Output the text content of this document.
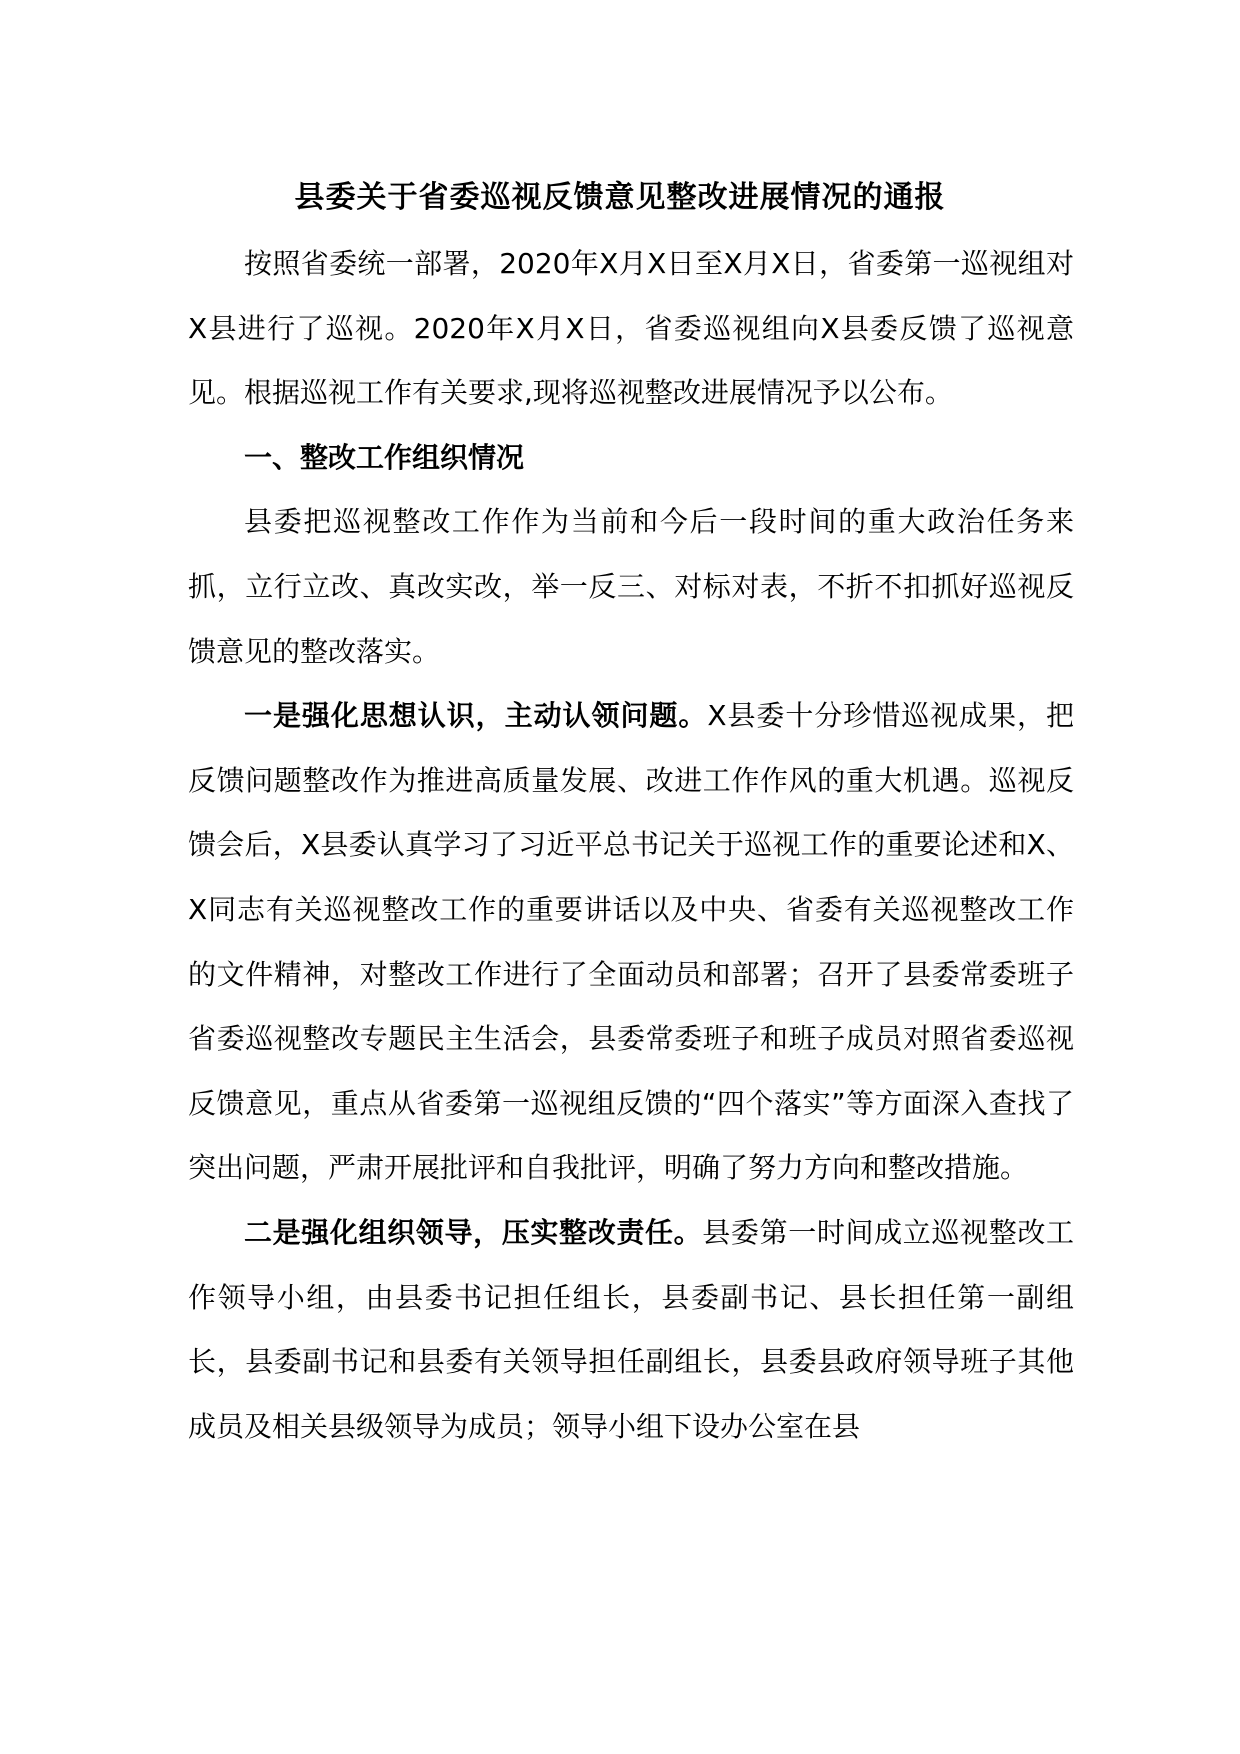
县委关于省委巡视反馈意见整改进展情况的通报

按照省委统一部署，2020年X月X日至X月X日，省委第一巡视组对X县进行了巡视。2020年X月X日，省委巡视组向X县委反馈了巡视意见。根据巡视工作有关要求,现将巡视整改进展情况予以公布。

一、整改工作组织情况

县委把巡视整改工作作为当前和今后一段时间的重大政治任务来抓，立行立改、真改实改，举一反三、对标对表，不折不扣抓好巡视反馈意见的整改落实。

一是强化思想认识，主动认领问题。X县委十分珍惜巡视成果，把反馈问题整改作为推进高质量发展、改进工作作风的重大机遇。巡视反馈会后，X县委认真学习了习近平总书记关于巡视工作的重要论述和X、X同志有关巡视整改工作的重要讲话以及中央、省委有关巡视整改工作的文件精神，对整改工作进行了全面动员和部署；召开了县委常委班子省委巡视整改专题民主生活会，县委常委班子和班子成员对照省委巡视反馈意见，重点从省委第一巡视组反馈的“四个落实”等方面深入查找了突出问题，严肃开展批评和自我批评，明确了努力方向和整改措施。

二是强化组织领导，压实整改责任。县委第一时间成立巡视整改工作领导小组，由县委书记担任组长，县委副书记、县长担任第一副组长，县委副书记和县委有关领导担任副组长，县委县政府领导班子其他成员及相关县级领导为成员；领导小组下设办公室在县
